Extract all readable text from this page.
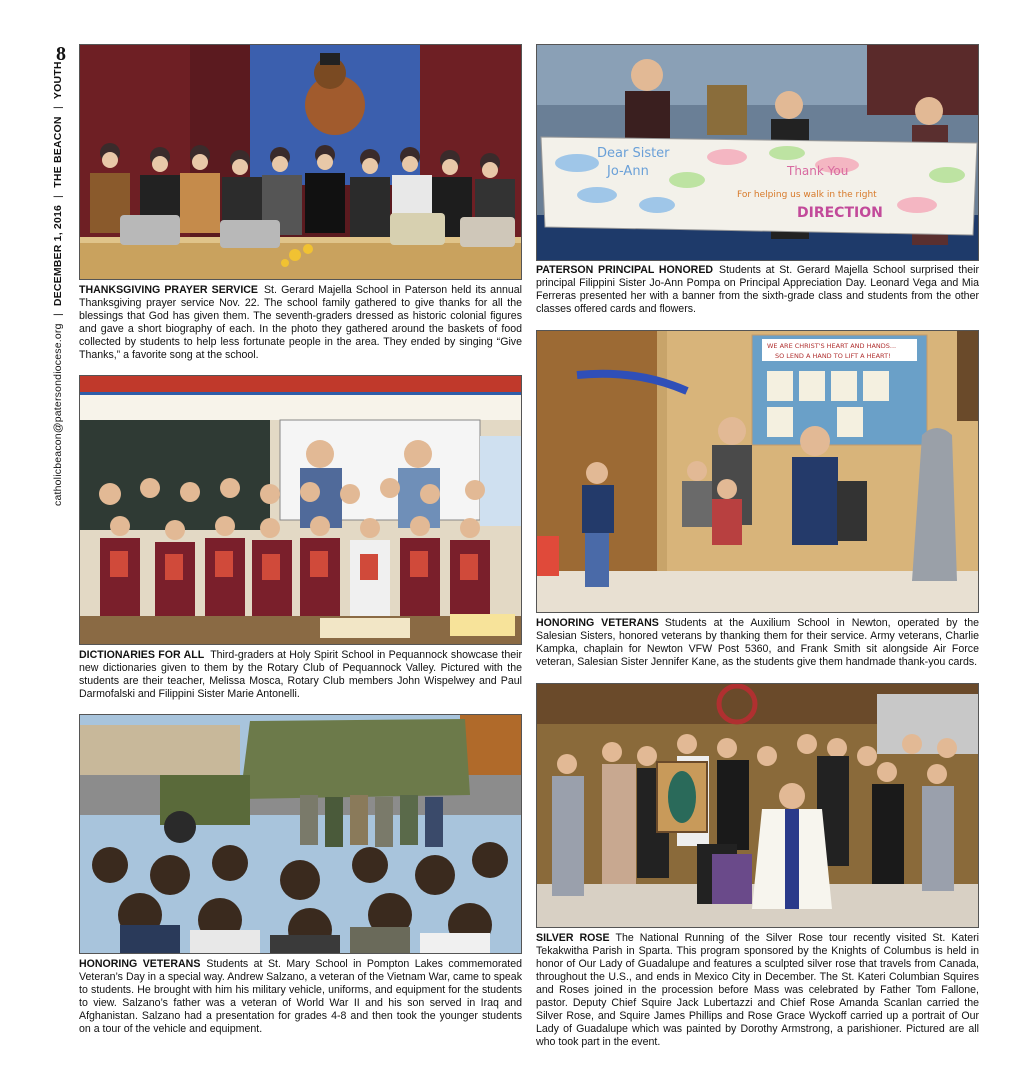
8
catholicbeacon@patersondiocese.org | DECEMBER 1, 2016 | THE BEACON | YOUTH
THANKSGIVING PRAYER SERVICE St. Gerard Majella School in Paterson held its annual Thanksgiving prayer service Nov. 22. The school family gathered to give thanks for all the blessings that God has given them. The seventh-graders dressed as historic colonial figures and gave a short biography of each. In the photo they gathered around the baskets of food collected by students to help less fortunate people in the area. They ended by singing “Give Thanks,” a favorite song at the school.
Dear Sister
Jo-Ann	Thank You
For helping us walk in the right
DIRECTION
PATERSON PRINCIPAL HONORED Students at St. Gerard Majella School surprised their principal Filippini Sister Jo-Ann Pompa on Principal Appreciation Day. Leonard Vega and Mia Ferreras presented her with a banner from the sixth-grade class and students from the other classes offered cards and flowers.
DICTIONARIES FOR ALL Third-graders at Holy Spirit School in Pequannock showcase their new dictionaries given to them by the Rotary Club of Pequannock Valley. Pictured with the students are their teacher, Melissa Mosca, Rotary Club members John Wispelwey and Paul Darmofalski and Filippini Sister Marie Antonelli.
WE ARE CHRIST'S HEART AND HANDS...
SO LEND A HAND TO LIFT A HEART!
HONORING VETERANS Students at the Auxilium School in Newton, operated by the Salesian Sisters, honored veterans by thanking them for their service. Army veterans, Charlie Kampka, chaplain for Newton VFW Post 5360, and Frank Smith sit alongside Air Force veteran, Salesian Sister Jennifer Kane, as the students give them handmade thank-you cards.
HONORING VETERANS Students at St. Mary School in Pompton Lakes commemorated Veteran’s Day in a special way. Andrew Salzano, a veteran of the Vietnam War, came to speak to students. He brought with him his military vehicle, uniforms, and equipment for the students to view. Salzano’s father was a veteran of World War II and his son served in Iraq and Afghanistan. Salzano had a presentation for grades 4-8 and then took the younger students on a tour of the vehicle and equipment.
SILVER ROSE The National Running of the Silver Rose tour recently visited St. Kateri Tekakwitha Parish in Sparta. This program sponsored by the Knights of Columbus is held in honor of Our Lady of Guadalupe and features a sculpted silver rose that travels from Canada, throughout the U.S., and ends in Mexico City in December. The St. Kateri Columbian Squires and Roses joined in the procession before Mass was celebrated by Father Tom Fallone, pastor. Deputy Chief Squire Jack Lubertazzi and Chief Rose Amanda Scanlan carried the Silver Rose, and Squire James Phillips and Rose Grace Wyckoff carried up a portrait of Our Lady of Guadalupe which was painted by Dorothy Armstrong, a parishioner. Pictured are all who took part in the event.
